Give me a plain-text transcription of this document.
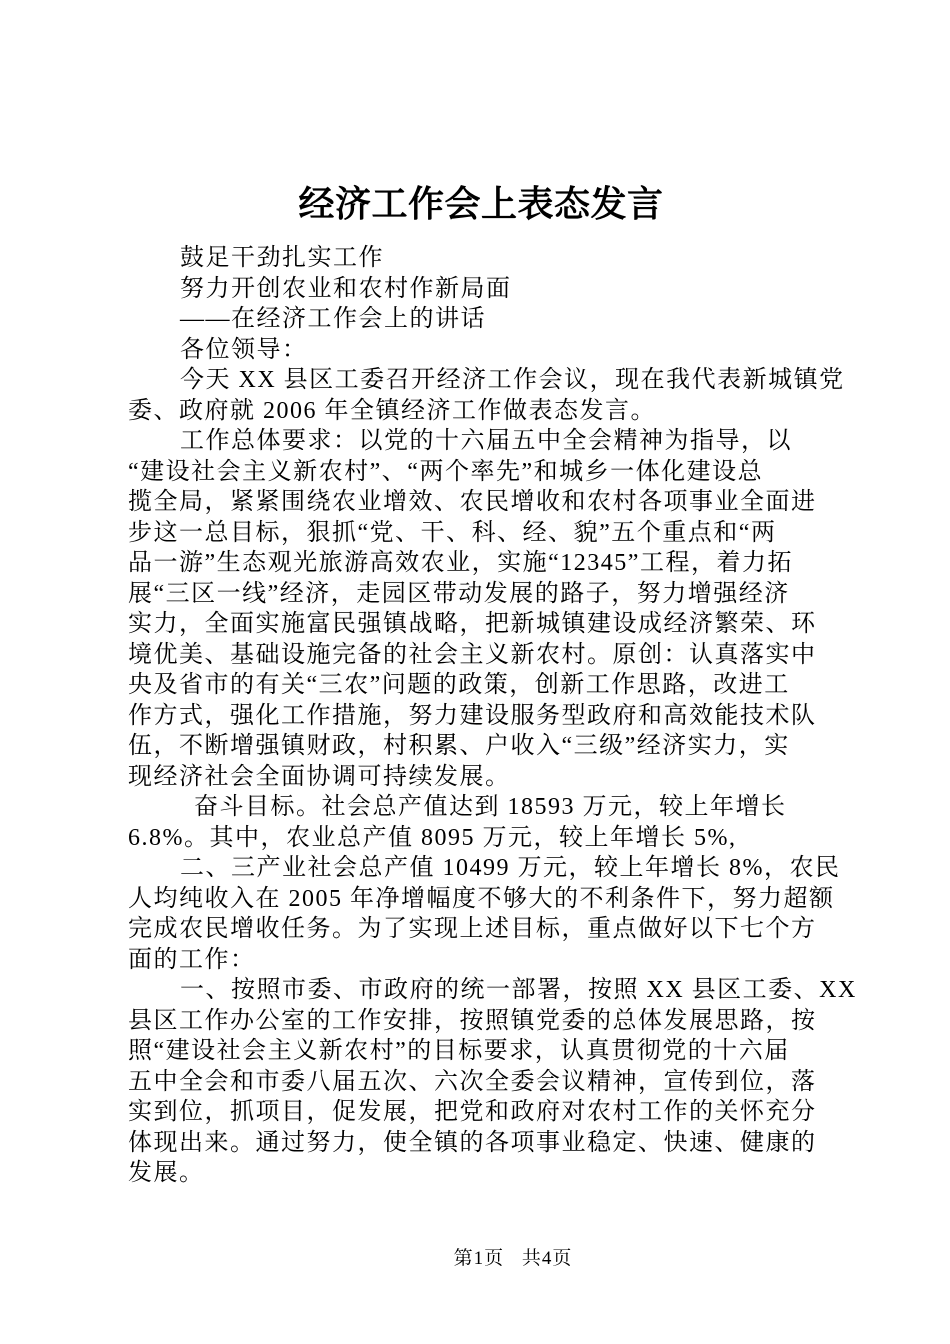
经济工作会上表态发言
鼓足干劲扎实工作
努力开创农业和农村作新局面
——在经济工作会上的讲话
各位领导：
今天 XX 县区工委召开经济工作会议，现在我代表新城镇党
委、政府就 2006 年全镇经济工作做表态发言。
工作总体要求：以党的十六届五中全会精神为指导，以
“建设社会主义新农村”、“两个率先”和城乡一体化建设总
揽全局，紧紧围绕农业增效、农民增收和农村各项事业全面进
步这一总目标，狠抓“党、干、科、经、貌”五个重点和“两
品一游”生态观光旅游高效农业，实施“12345”工程，着力拓
展“三区一线”经济，走园区带动发展的路子，努力增强经济
实力，全面实施富民强镇战略，把新城镇建设成经济繁荣、环
境优美、基础设施完备的社会主义新农村。原创：认真落实中
央及省市的有关“三农”问题的政策，创新工作思路，改进工
作方式，强化工作措施，努力建设服务型政府和高效能技术队
伍，不断增强镇财政，村积累、户收入“三级”经济实力，实
现经济社会全面协调可持续发展。
奋斗目标。社会总产值达到 18593 万元，较上年增长
6.8%。其中，农业总产值 8095 万元，较上年增长 5%,
二、三产业社会总产值 10499 万元，较上年增长 8%，农民
人均纯收入在 2005 年净增幅度不够大的不利条件下，努力超额
完成农民增收任务。为了实现上述目标，重点做好以下七个方
面的工作：
一、按照市委、市政府的统一部署，按照 XX 县区工委、XX
县区工作办公室的工作安排，按照镇党委的总体发展思路，按
照“建设社会主义新农村”的目标要求，认真贯彻党的十六届
五中全会和市委八届五次、六次全委会议精神，宣传到位，落
实到位，抓项目，促发展，把党和政府对农村工作的关怀充分
体现出来。通过努力，使全镇的各项事业稳定、快速、健康的
发展。
第1页 共4页
